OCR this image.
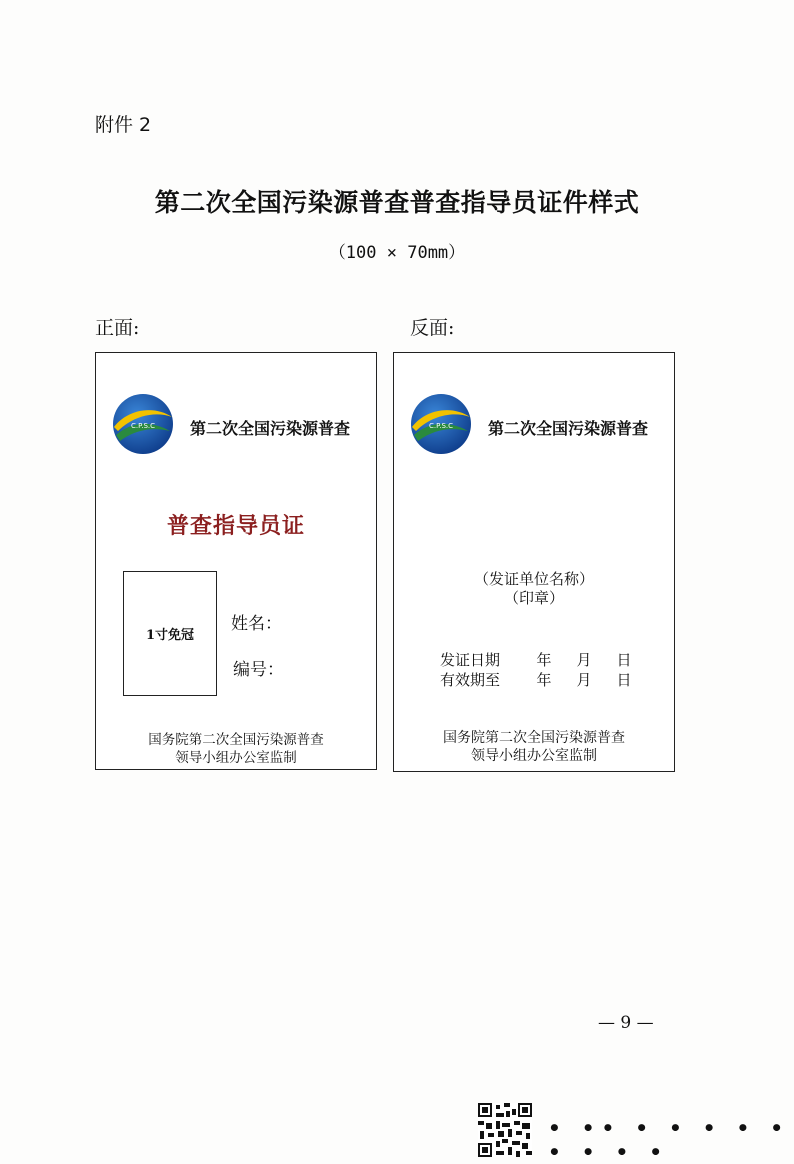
附件 2
第二次全国污染源普查普查指导员证件样式
（100 × 70mm）
正面:	反面:
C.P.S.C 第二次全国污染源普查
普查指导员证
1寸免冠
姓名：
编号：
国务院第二次全国污染源普查
领导小组办公室监制
C.P.S.C 第二次全国污染源普查
（发证单位名称）
（印章）
发证日期 年 月 日
有效期至 年 月 日
国务院第二次全国污染源普查
领导小组办公室监制
— 9 —
• •• • • • • • • • • •
